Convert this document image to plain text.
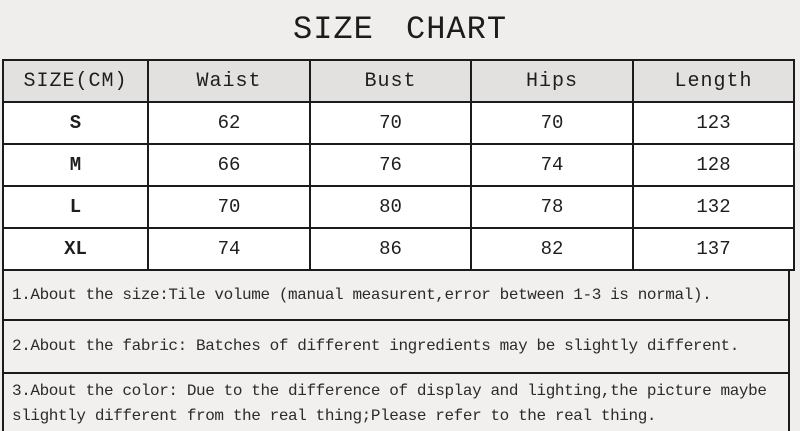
SIZE CHART
SIZE(CM)	Waist	Bust	Hips	Length
S	62	70	70	123
M	66	76	74	128
L	70	80	78	132
XL	74	86	82	137
1.About the size:Tile volume (manual measurent,error between 1-3 is normal).
2.About the fabric: Batches of different ingredients may be slightly different.
3.About the color: Due to the difference of display and lighting,the picture maybe
slightly different from the real thing;Please refer to the real thing.
